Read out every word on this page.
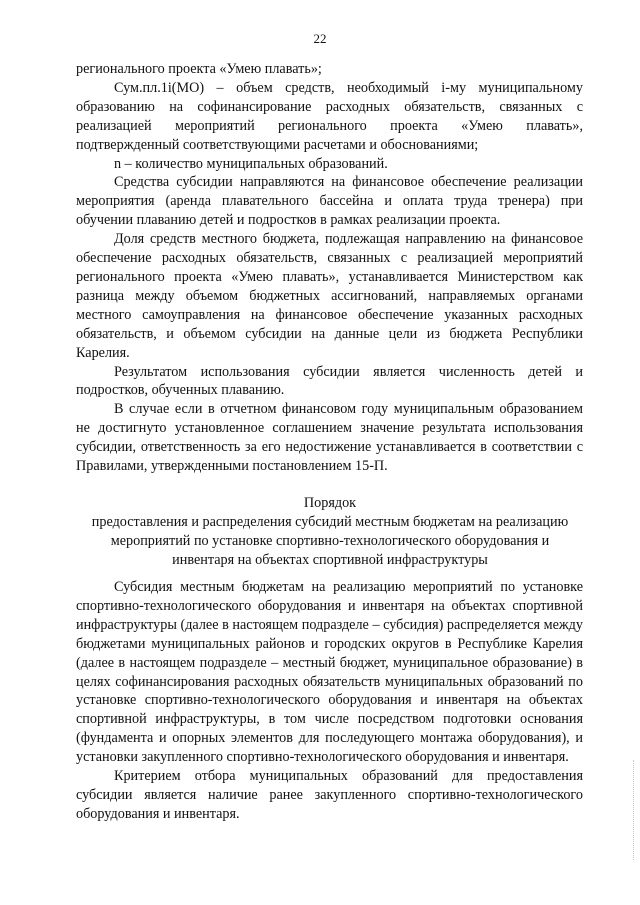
22

регионального проекта «Умею плавать»;

Сум.пл.1i(МО) – объем средств, необходимый i-му муниципальному образованию на софинансирование расходных обязательств, связанных с реализацией мероприятий регионального проекта «Умею плавать», подтвержденный соответствующими расчетами и обоснованиями;

n – количество муниципальных образований.

Средства субсидии направляются на финансовое обеспечение реализации мероприятия (аренда плавательного бассейна и оплата труда тренера) при обучении плаванию детей и подростков в рамках реализации проекта.

Доля средств местного бюджета, подлежащая направлению на финансовое обеспечение расходных обязательств, связанных с реализацией мероприятий регионального проекта «Умею плавать», устанавливается Министерством как разница между объемом бюджетных ассигнований, направляемых органами местного самоуправления на финансовое обеспечение указанных расходных обязательств, и объемом субсидии на данные цели из бюджета Республики Карелия.

Результатом использования субсидии является численность детей и подростков, обученных плаванию.

В случае если в отчетном финансовом году муниципальным образованием не достигнуто установленное соглашением значение результата использования субсидии, ответственность за его недостижение устанавливается в соответствии с Правилами, утвержденными постановлением 15-П.

Порядок

предоставления и распределения субсидий местным бюджетам на реализацию

мероприятий по установке спортивно-технологического оборудования и

инвентаря на объектах спортивной инфраструктуры

Субсидия местным бюджетам на реализацию мероприятий по установке спортивно-технологического оборудования и инвентаря на объектах спортивной инфраструктуры (далее в настоящем подразделе – субсидия) распределяется между бюджетами муниципальных районов и городских округов в Республике Карелия (далее в настоящем подразделе – местный бюджет, муниципальное образование) в целях софинансирования расходных обязательств муниципальных образований по установке спортивно-технологического оборудования и инвентаря на объектах спортивной инфраструктуры, в том числе посредством подготовки основания (фундамента и опорных элементов для последующего монтажа оборудования), и установки закупленного спортивно-технологического оборудования и инвентаря.

Критерием отбора муниципальных образований для предоставления субсидии является наличие ранее закупленного спортивно-технологического оборудования и инвентаря.
